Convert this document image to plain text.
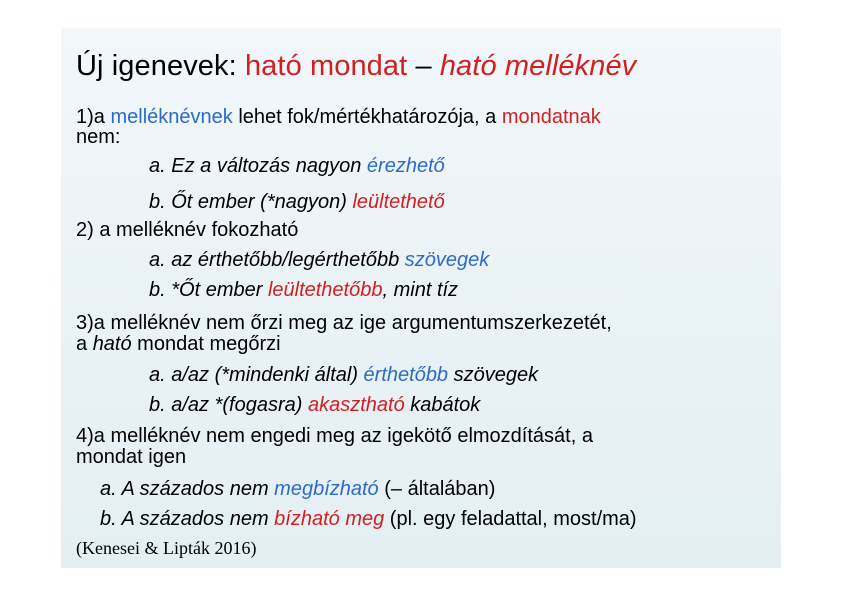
Új igenevek: ható mondat – ható melléknév
1)a melléknévnek lehet fok/mértékhatározója, a mondatnak
nem:
a. Ez a változás nagyon érezhető
b. Őt ember (*nagyon) leültethető
2) a melléknév fokozható
a. az érthetőbb/legérthetőbb szövegek
b. *Őt ember leültethetőbb, mint tíz
3)a melléknév nem őrzi meg az ige argumentumszerkezetét,
a ható mondat megőrzi
a. a/az (*mindenki által) érthetőbb szövegek
b. a/az *(fogasra) akasztható kabátok
4)a melléknév nem engedi meg az igekötő elmozdítását, a
mondat igen
a. A százados nem megbízható (– általában)
b. A százados nem bízható meg (pl. egy feladattal, most/ma)
(Kenesei & Lipták 2016)
